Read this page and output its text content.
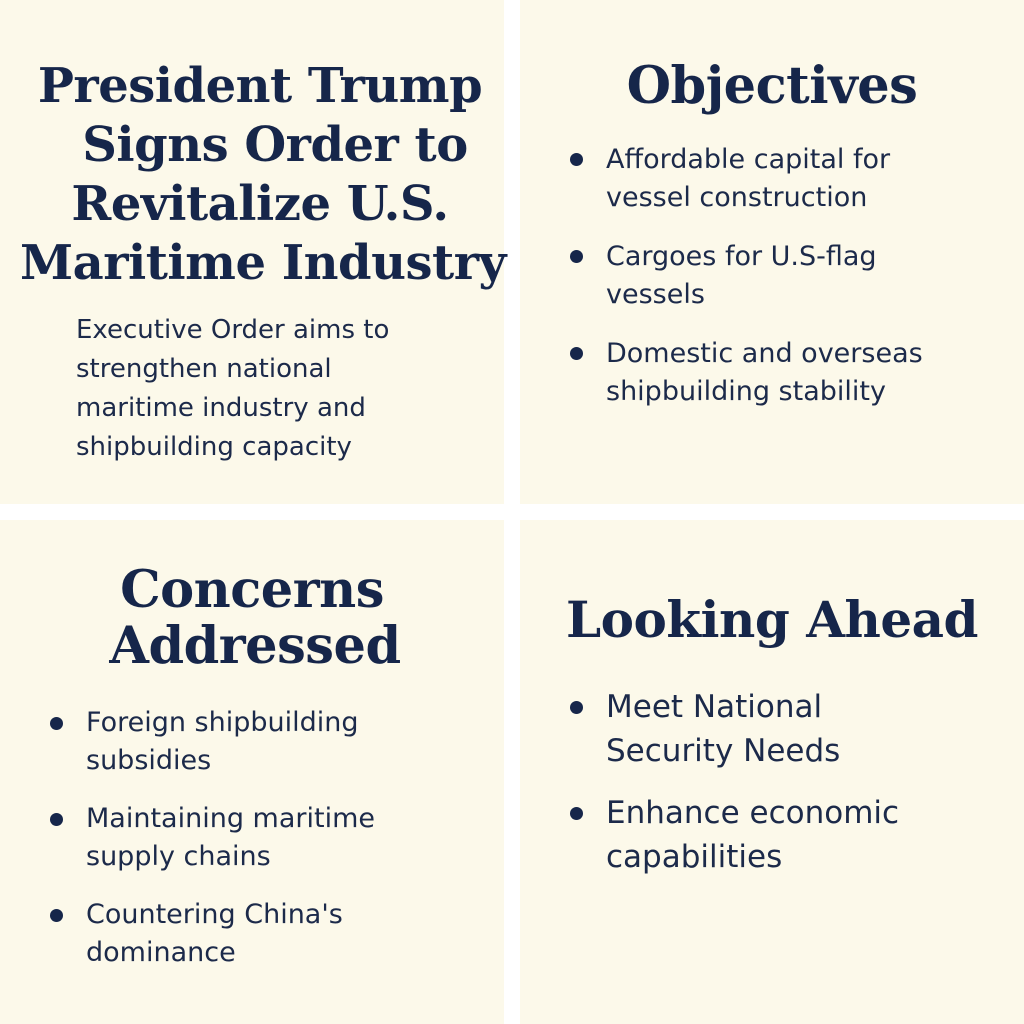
President Trump
Signs Order to
Revitalize U.S.
Maritime Industry

Executive Order aims to
strengthen national
maritime industry and
shipbuilding capacity

Objectives
Affordable capital for
vessel construction
Cargoes for U.S-flag
vessels
Domestic and overseas
shipbuilding stability
Concerns
Addressed
Foreign shipbuilding
subsidies
Maintaining maritime
supply chains
Countering China's
dominance
Looking Ahead
Meet National
Security Needs
Enhance economic
capabilities
